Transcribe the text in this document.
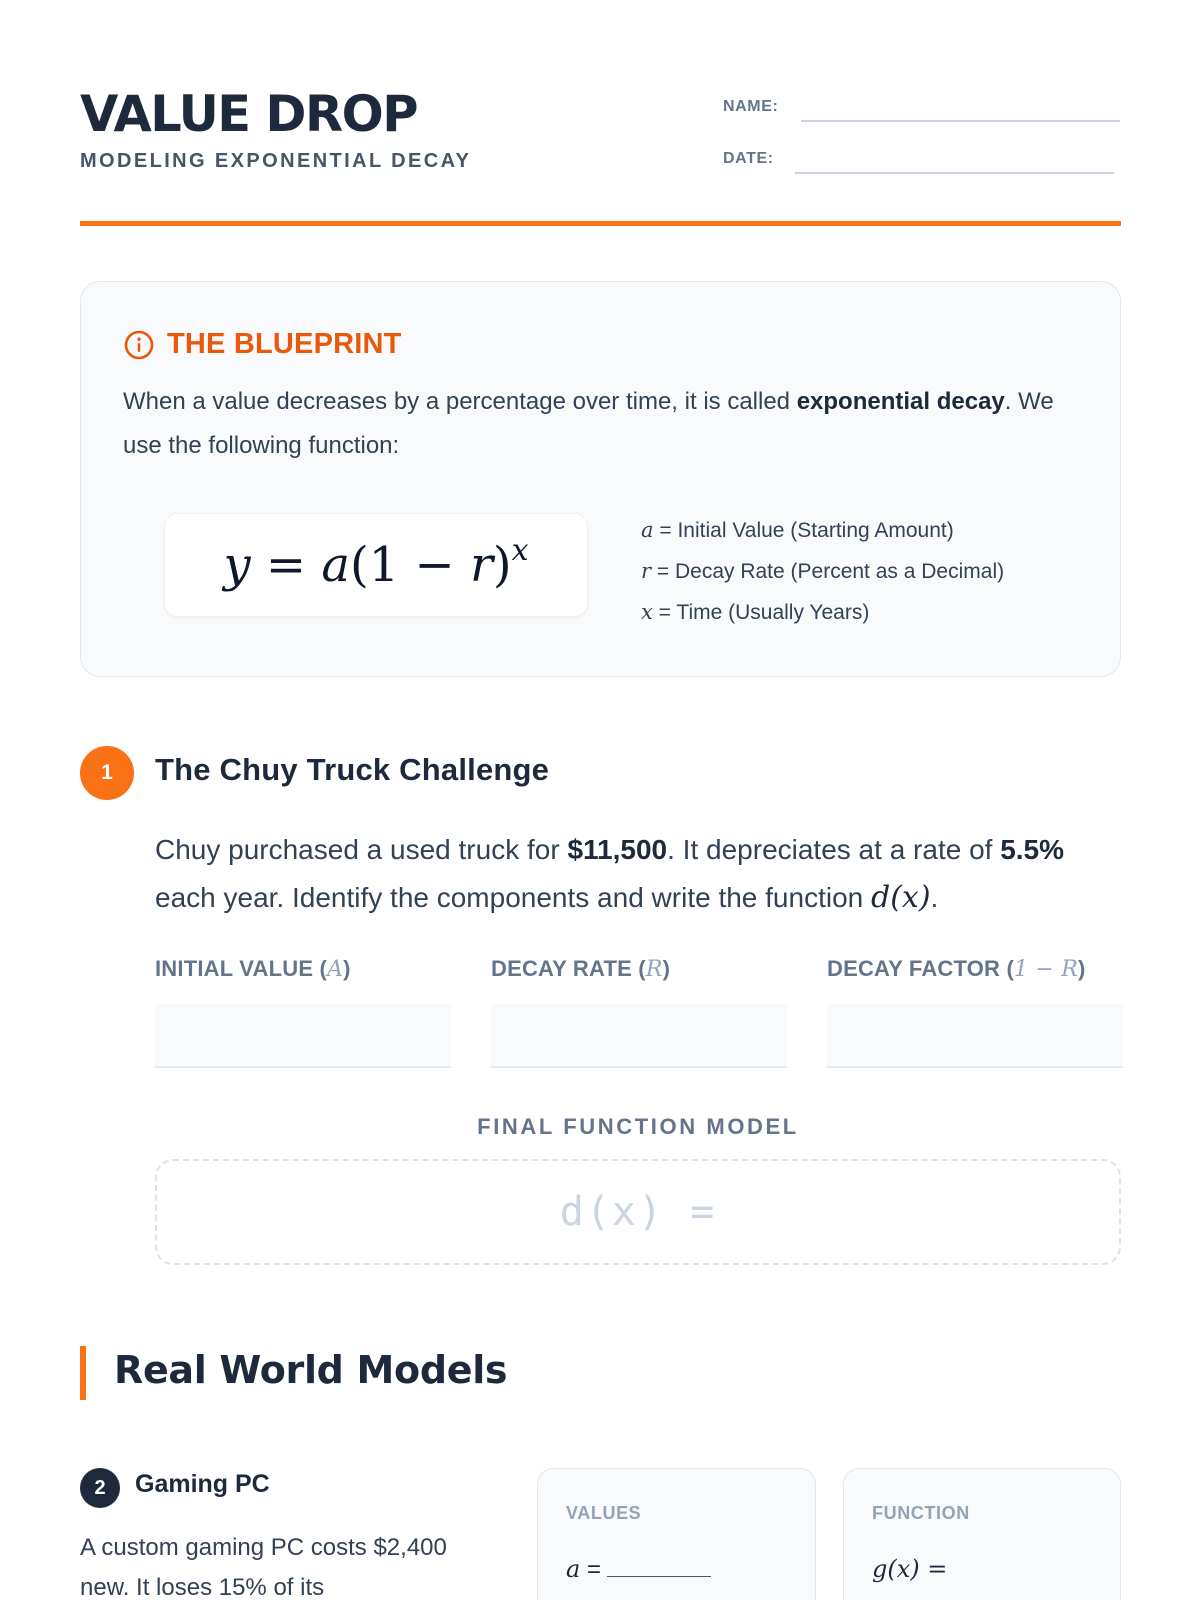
VALUE DROP
MODELING EXPONENTIAL DECAY
NAME:
DATE:
THE BLUEPRINT

When a value decreases by a percentage over time, it is called exponential decay. We use the following function:

$y = a(1 - r)^x$
a = Initial Value (Starting Amount)
r = Decay Rate (Percent as a Decimal)
x = Time (Usually Years)
1	The Chuy Truck Challenge

Chuy purchased a used truck for $11,500. It depreciates at a rate of 5.5% each year. Identify the components and write the function d(x).

INITIAL VALUE (A)	DECAY RATE (R)	DECAY FACTOR (1 − R)
FINAL FUNCTION MODEL
d(x) =
Real World Models
2	Gaming PC

A custom gaming PC costs $2,400 new. It loses 15% of its

VALUES
a =
FUNCTION
g(x) =
